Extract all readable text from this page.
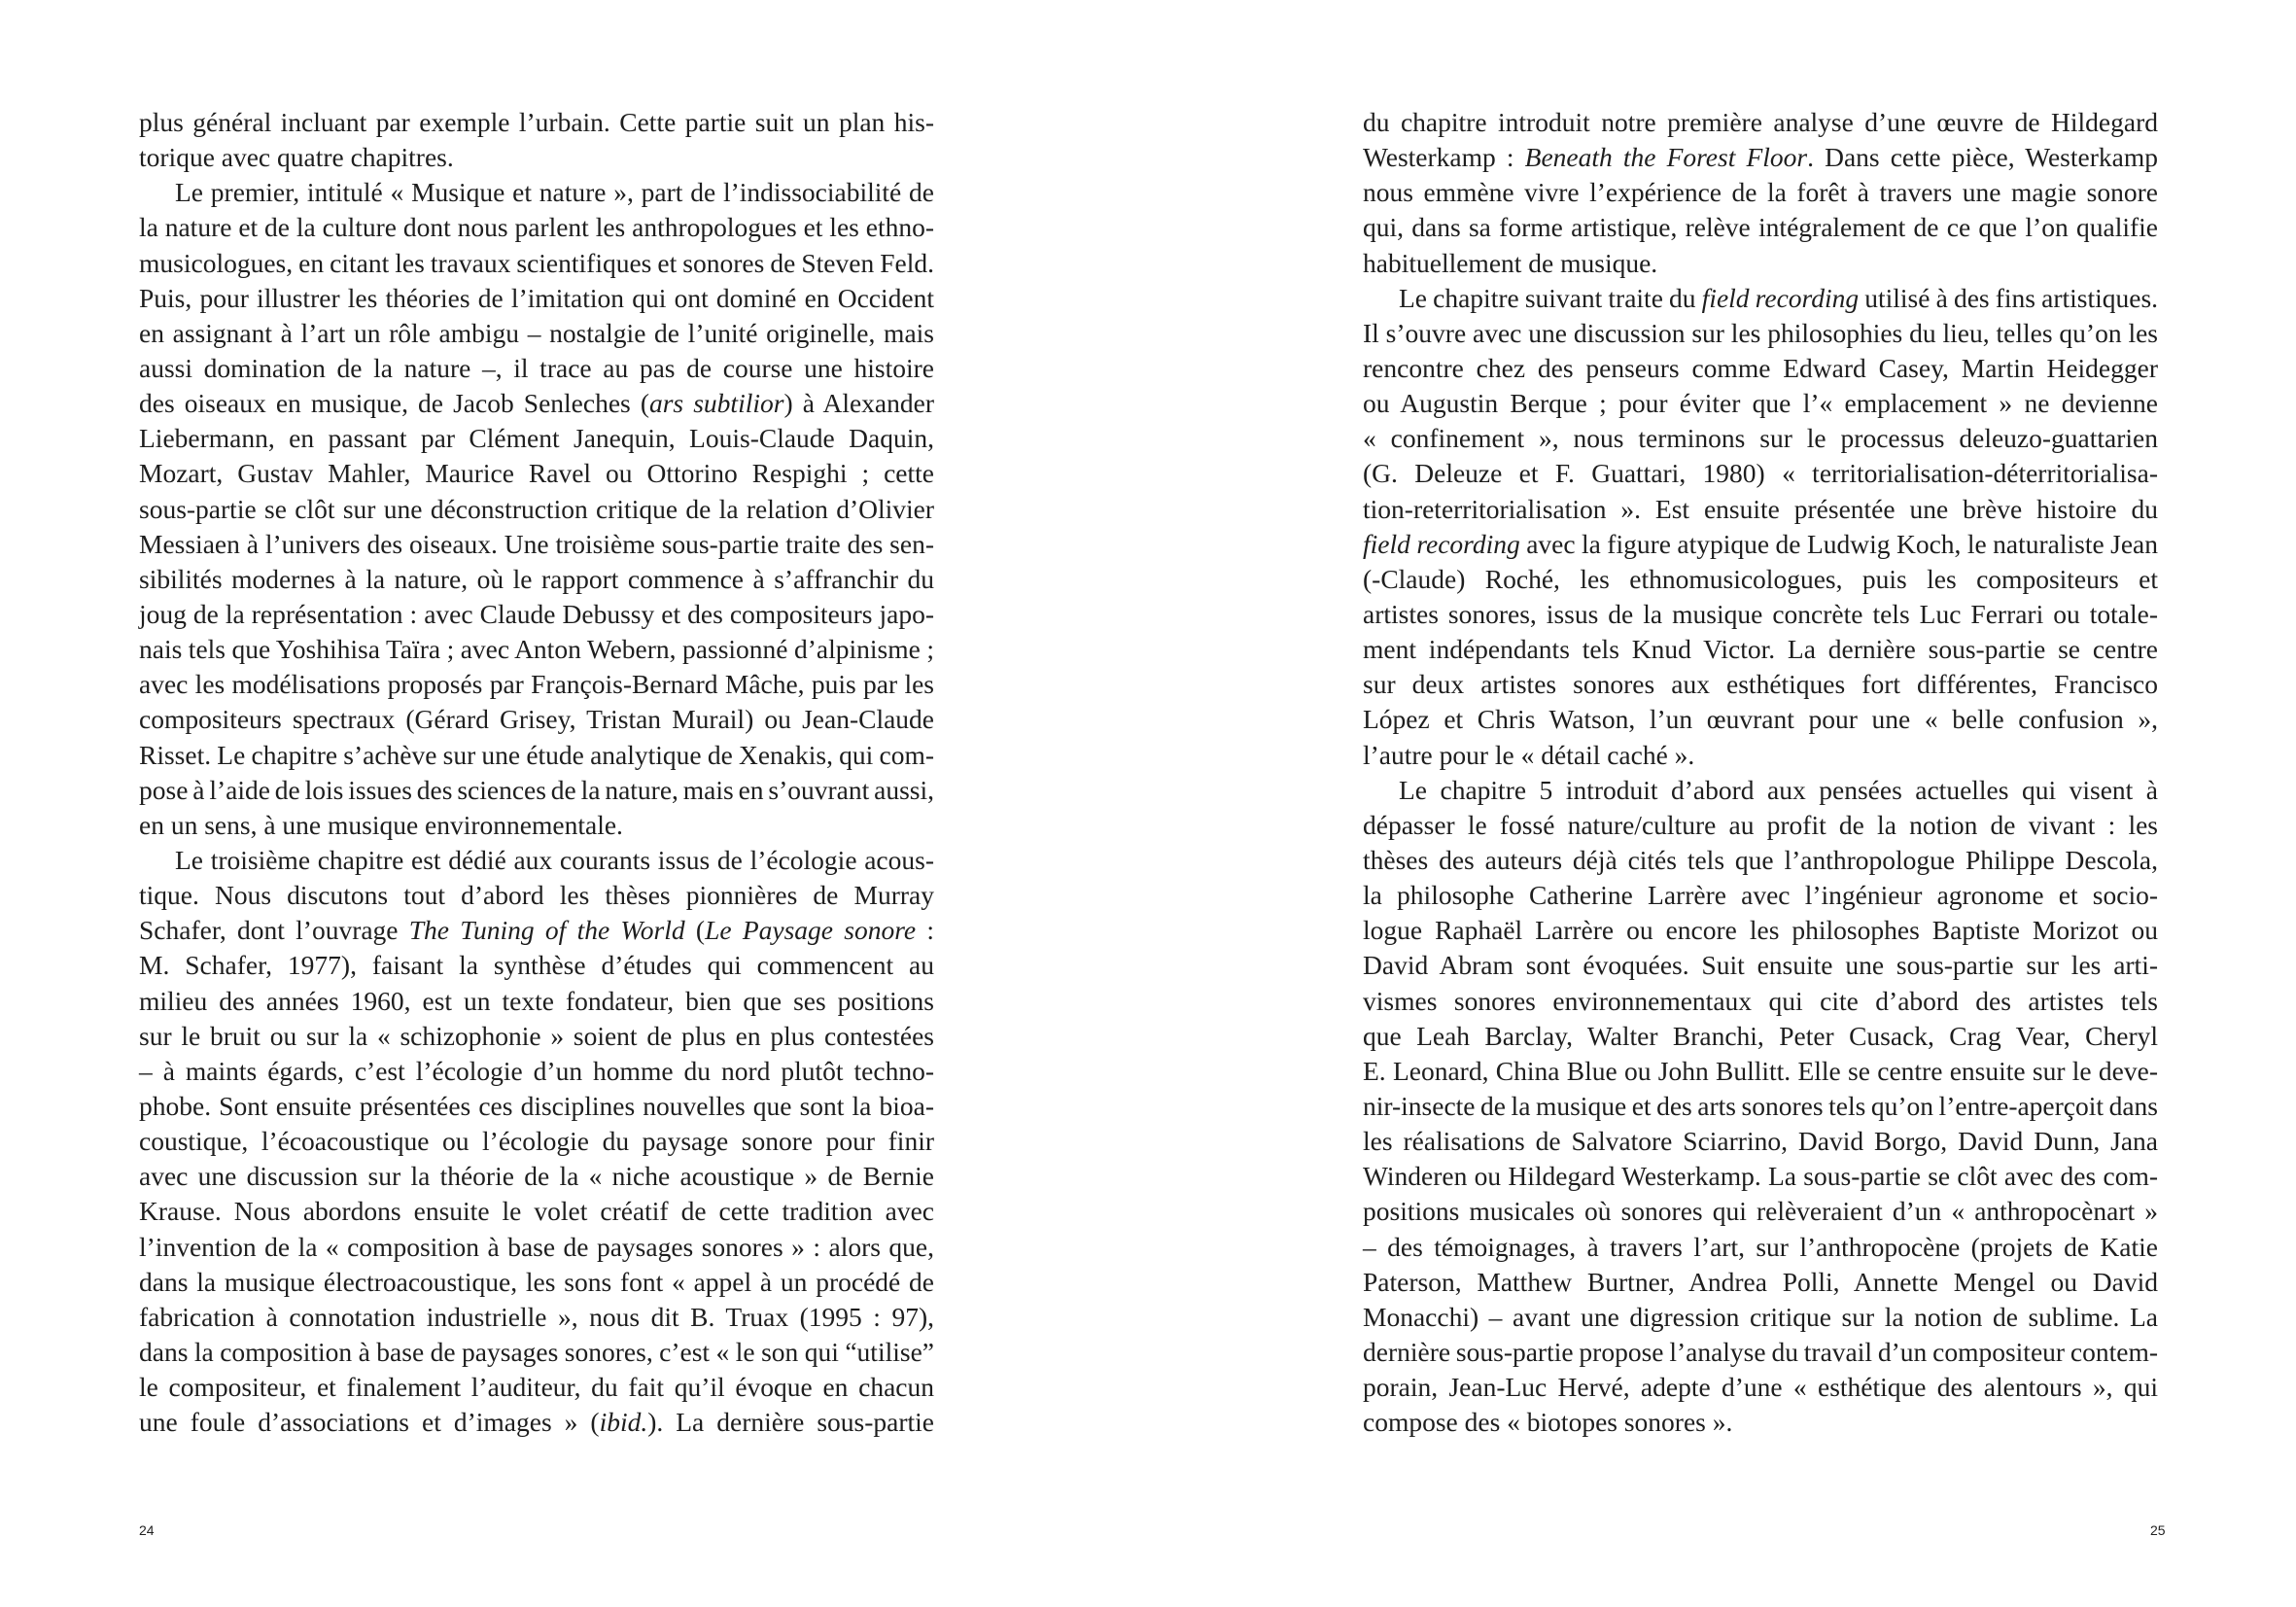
plus général incluant par exemple l’urbain. Cette partie suit un plan his-
torique avec quatre chapitres.
Le premier, intitulé « Musique et nature », part de l’indissociabilité de
la nature et de la culture dont nous parlent les anthropologues et les ethno-
musicologues, en citant les travaux scientifiques et sonores de Steven Feld.
Puis, pour illustrer les théories de l’imitation qui ont dominé en Occident
en assignant à l’art un rôle ambigu – nostalgie de l’unité originelle, mais
aussi domination de la nature –, il trace au pas de course une histoire
des oiseaux en musique, de Jacob Senleches (ars subtilior) à Alexander
Liebermann, en passant par Clément Janequin, Louis-Claude Daquin,
Mozart, Gustav Mahler, Maurice Ravel ou Ottorino Respighi ; cette
sous-partie se clôt sur une déconstruction critique de la relation d’Olivier
Messiaen à l’univers des oiseaux. Une troisième sous-partie traite des sen-
sibilités modernes à la nature, où le rapport commence à s’affranchir du
joug de la représentation : avec Claude Debussy et des compositeurs japo-
nais tels que Yoshihisa Taïra ; avec Anton Webern, passionné d’alpinisme ;
avec les modélisations proposés par François-Bernard Mâche, puis par les
compositeurs spectraux (Gérard Grisey, Tristan Murail) ou Jean-Claude
Risset. Le chapitre s’achève sur une étude analytique de Xenakis, qui com-
pose à l’aide de lois issues des sciences de la nature, mais en s’ouvrant aussi,
en un sens, à une musique environnementale.
Le troisième chapitre est dédié aux courants issus de l’écologie acous-
tique. Nous discutons tout d’abord les thèses pionnières de Murray
Schafer, dont l’ouvrage The Tuning of the World (Le Paysage sonore :
M. Schafer, 1977), faisant la synthèse d’études qui commencent au
milieu des années 1960, est un texte fondateur, bien que ses positions
sur le bruit ou sur la « schizophonie » soient de plus en plus contestées
– à maints égards, c’est l’écologie d’un homme du nord plutôt techno-
phobe. Sont ensuite présentées ces disciplines nouvelles que sont la bioa-
coustique, l’écoacoustique ou l’écologie du paysage sonore pour finir
avec une discussion sur la théorie de la « niche acoustique » de Bernie
Krause. Nous abordons ensuite le volet créatif de cette tradition avec
l’invention de la « composition à base de paysages sonores » : alors que,
dans la musique électroacoustique, les sons font « appel à un procédé de
fabrication à connotation industrielle », nous dit B. Truax (1995 : 97),
dans la composition à base de paysages sonores, c’est « le son qui “utilise”
le compositeur, et finalement l’auditeur, du fait qu’il évoque en chacun
une foule d’associations et d’images » (ibid.). La dernière sous-partie
24
du chapitre introduit notre première analyse d’une œuvre de Hildegard
Westerkamp : Beneath the Forest Floor. Dans cette pièce, Westerkamp
nous emmène vivre l’expérience de la forêt à travers une magie sonore
qui, dans sa forme artistique, relève intégralement de ce que l’on qualifie
habituellement de musique.
Le chapitre suivant traite du field recording utilisé à des fins artistiques.
Il s’ouvre avec une discussion sur les philosophies du lieu, telles qu’on les
rencontre chez des penseurs comme Edward Casey, Martin Heidegger
ou Augustin Berque ; pour éviter que l’« emplacement » ne devienne
« confinement », nous terminons sur le processus deleuzo-guattarien
(G. Deleuze et F. Guattari, 1980) « territorialisation-déterritorialisa-
tion-reterritorialisation ». Est ensuite présentée une brève histoire du
field recording avec la figure atypique de Ludwig Koch, le naturaliste Jean
(-Claude) Roché, les ethnomusicologues, puis les compositeurs et
artistes sonores, issus de la musique concrète tels Luc Ferrari ou totale-
ment indépendants tels Knud Victor. La dernière sous-partie se centre
sur deux artistes sonores aux esthétiques fort différentes, Francisco
López et Chris Watson, l’un œuvrant pour une « belle confusion »,
l’autre pour le « détail caché ».
Le chapitre 5 introduit d’abord aux pensées actuelles qui visent à
dépasser le fossé nature/culture au profit de la notion de vivant : les
thèses des auteurs déjà cités tels que l’anthropologue Philippe Descola,
la philosophe Catherine Larrère avec l’ingénieur agronome et socio-
logue Raphaël Larrère ou encore les philosophes Baptiste Morizot ou
David Abram sont évoquées. Suit ensuite une sous-partie sur les arti-
vismes sonores environnementaux qui cite d’abord des artistes tels
que Leah Barclay, Walter Branchi, Peter Cusack, Crag Vear, Cheryl
E. Leonard, China Blue ou John Bullitt. Elle se centre ensuite sur le deve-
nir-insecte de la musique et des arts sonores tels qu’on l’entre-aperçoit dans
les réalisations de Salvatore Sciarrino, David Borgo, David Dunn, Jana
Winderen ou Hildegard Westerkamp. La sous-partie se clôt avec des com-
positions musicales où sonores qui relèveraient d’un « anthropocènart »
– des témoignages, à travers l’art, sur l’anthropocène (projets de Katie
Paterson, Matthew Burtner, Andrea Polli, Annette Mengel ou David
Monacchi) – avant une digression critique sur la notion de sublime. La
dernière sous-partie propose l’analyse du travail d’un compositeur contem-
porain, Jean-Luc Hervé, adepte d’une « esthétique des alentours », qui
compose des « biotopes sonores ».
25
